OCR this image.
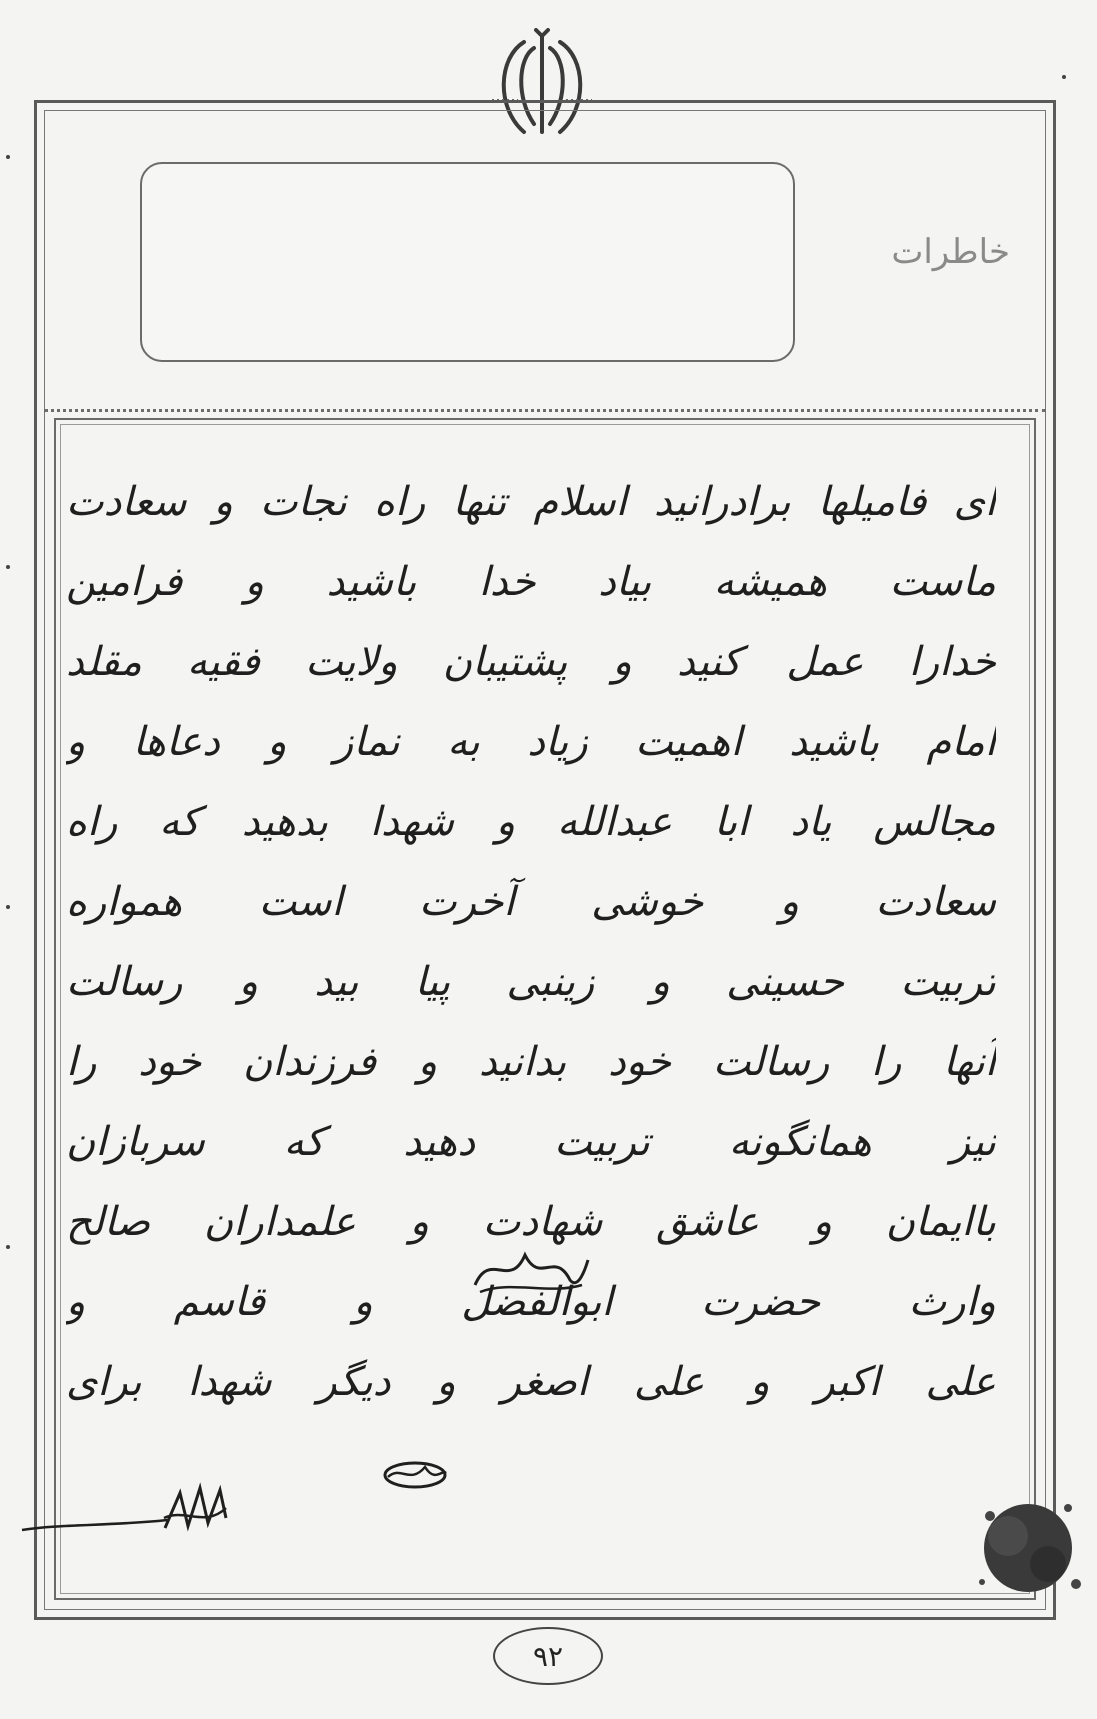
خاطرات
ای فامیلها برادرانید اسلام تنها راه نجات و سعادت
ماست همیشه بیاد خدا باشید و فرامین
خدارا عمل کنید و پشتیبان ولایت فقیه مقلد
امام باشید اهمیت زیاد به نماز و دعاها و
مجالس یاد ابا عبدالله و شهدا بدهید که راه
سعادت و خوشی آخرت است همواره
تربیت حسینی و زینبی پیا بید و رسالت
آنها را رسالت خود بدانید و فرزندان خود را
نیز همانگونه تربیت دهید که سربازان
باایمان و عاشق شهادت و علمداران صالح
وارث حضرت ابوالفضل و قاسم و
علی اکبر و علی اصغر و دیگر شهدا برای
۹۲
